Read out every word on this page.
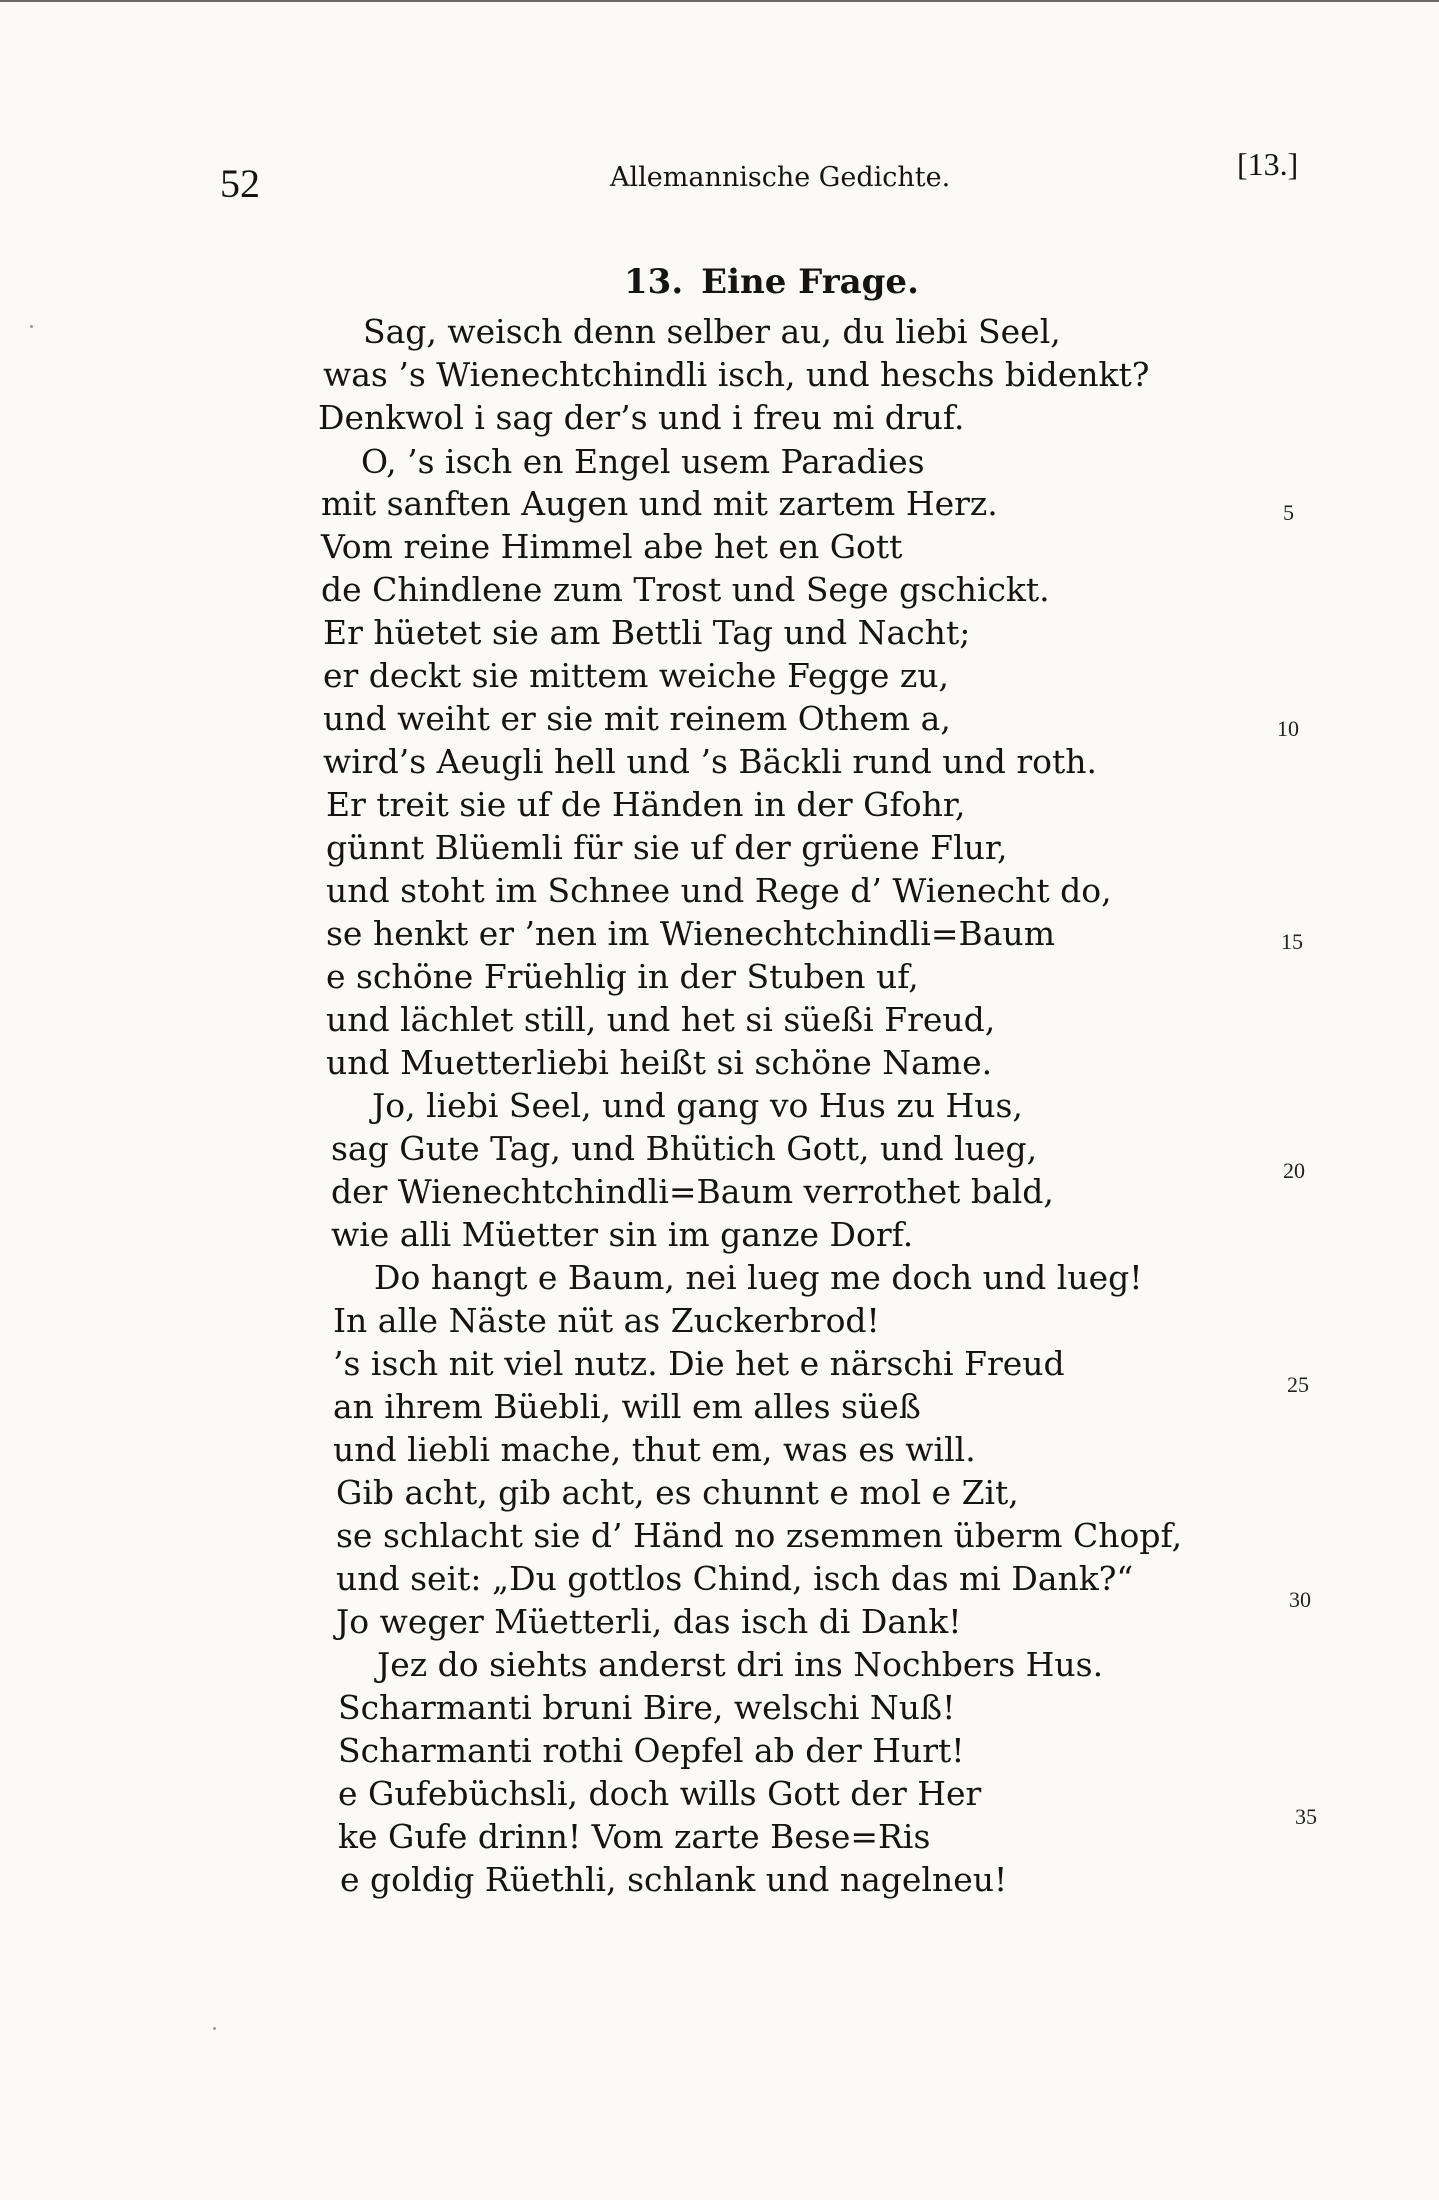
52	Allemannische Gedichte.	[13.]
13. Eine Frage.
Sag, weisch denn selber au, du liebi Seel,
was ’s Wienechtchindli isch, und heschs bidenkt?
Denkwol i sag der’s und i freu mi druf.
O, ’s isch en Engel usem Paradies
mit sanften Augen und mit zartem Herz.
Vom reine Himmel abe het en Gott
de Chindlene zum Trost und Sege gschickt.
Er hüetet sie am Bettli Tag und Nacht;
er deckt sie mittem weiche Fegge zu,
und weiht er sie mit reinem Othem a,
wird’s Aeugli hell und ’s Bäckli rund und roth.
Er treit sie uf de Händen in der Gfohr,
günnt Blüemli für sie uf der grüene Flur,
und stoht im Schnee und Rege d’ Wienecht do,
se henkt er ’nen im Wienechtchindli=Baum
e schöne Früehlig in der Stuben uf,
und lächlet still, und het si süeßi Freud,
und Muetterliebi heißt si schöne Name.
Jo, liebi Seel, und gang vo Hus zu Hus,
sag Gute Tag, und Bhütich Gott, und lueg,
der Wienechtchindli=Baum verrothet bald,
wie alli Müetter sin im ganze Dorf.
Do hangt e Baum, nei lueg me doch und lueg!
In alle Näste nüt as Zuckerbrod!
’s isch nit viel nutz. Die het e närschi Freud
an ihrem Büebli, will em alles süeß
und liebli mache, thut em, was es will.
Gib acht, gib acht, es chunnt e mol e Zit,
se schlacht sie d’ Händ no zsemmen überm Chopf,
und seit: „Du gottlos Chind, isch das mi Dank?“
Jo weger Müetterli, das isch di Dank!
Jez do siehts anderst dri ins Nochbers Hus.
Scharmanti bruni Bire, welschi Nuß!
Scharmanti rothi Oepfel ab der Hurt!
e Gufebüchsli, doch wills Gott der Her
ke Gufe drinn! Vom zarte Bese=Ris
e goldig Rüethli, schlank und nagelneu!
5
10
15
20
25
30
35
